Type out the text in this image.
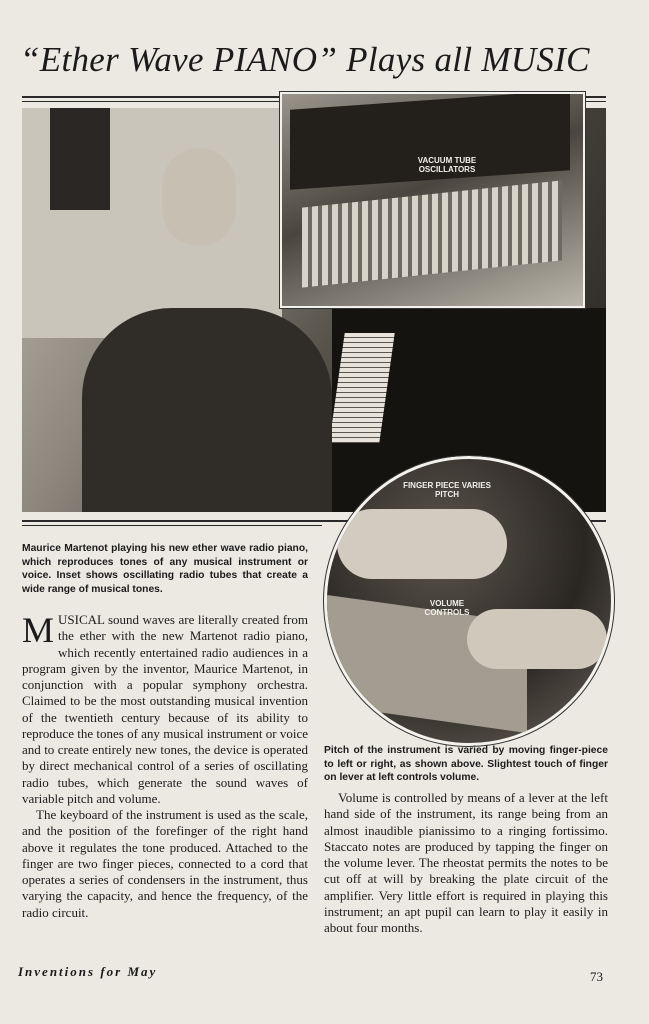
“Ether Wave PIANO” Plays all MUSIC
VACUUM TUBE OSCILLATORS
FINGER PIECE VARIES PITCH
VOLUME CONTROLS
Maurice Martenot playing his new ether wave radio piano, which reproduces tones of any musical instrument or voice. Inset shows oscillating radio tubes that create a wide range of musical tones.
Pitch of the instrument is varied by moving finger-piece to left or right, as shown above. Slightest touch of finger on lever at left controls volume.

MUSICAL sound waves are literally created from the ether with the new Martenot radio piano, which recently entertained radio audiences in a program given by the inventor, Maurice Martenot, in conjunction with a popular symphony orchestra. Claimed to be the most outstanding musical invention of the twentieth century because of its ability to reproduce the tones of any musical instrument or voice and to create entirely new tones, the device is operated by direct mechanical control of a series of oscillating radio tubes, which generate the sound waves of variable pitch and volume.

The keyboard of the instrument is used as the scale, and the position of the forefinger of the right hand above it regulates the tone produced. Attached to the finger are two finger pieces, connected to a cord that operates a series of condensers in the instrument, thus varying the capacity, and hence the frequency, of the radio circuit.

Volume is controlled by means of a lever at the left hand side of the instrument, its range being from an almost inaudible pianissimo to a ringing fortissimo. Staccato notes are produced by tapping the finger on the volume lever. The rheostat permits the notes to be cut off at will by breaking the plate circuit of the amplifier. Very little effort is required in playing this instrument; an apt pupil can learn to play it easily in about four months.

Inventions for May	73
